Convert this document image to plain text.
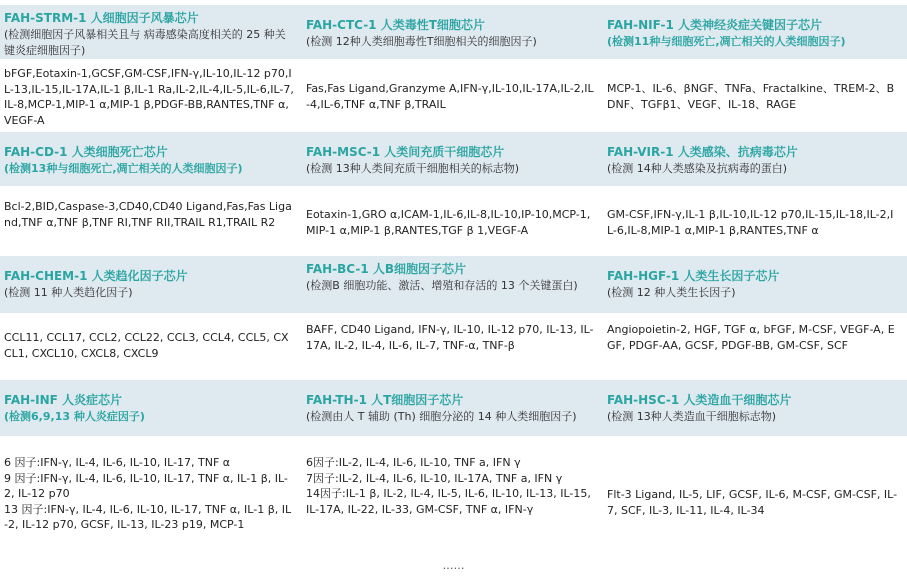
FAH-STRM-1 人细胞因子风暴芯片
(检测细胞因子风暴相关且与 病毒感染高度相关的 25 种关键炎症细胞因子)
FAH-CTC-1 人类毒性T细胞芯片
(检测 12种人类细胞毒性T细胞相关的细胞因子)
FAH-NIF-1 人类神经炎症关键因子芯片
(检测11种与细胞死亡,凋亡相关的人类细胞因子)
bFGF,Eotaxin-1,GCSF,GM-CSF,IFN-γ,IL-10,IL-12 p70,IL-13,IL-15,IL-17A,IL-1 β,IL-1 Ra,IL-2,IL-4,IL-5,IL-6,IL-7,IL-8,MCP-1,MIP-1 α,MIP-1 β,PDGF-BB,RANTES,TNF α,VEGF-A
Fas,Fas Ligand,Granzyme A,IFN-γ,IL-10,IL-17A,IL-2,IL-4,IL-6,TNF α,TNF β,TRAIL
MCP-1、IL-6、βNGF、TNFa、Fractalkine、TREM-2、BDNF、TGFβ1、VEGF、IL-18、RAGE
FAH-CD-1 人类细胞死亡芯片
(检测13种与细胞死亡,凋亡相关的人类细胞因子)
FAH-MSC-1 人类间充质干细胞芯片
(检测 13种人类间充质干细胞相关的标志物)
FAH-VIR-1 人类感染、抗病毒芯片
(检测 14种人类感染及抗病毒的蛋白)
Bcl-2,BID,Caspase-3,CD40,CD40 Ligand,Fas,Fas Ligand,TNF α,TNF β,TNF RI,TNF RII,TRAIL R1,TRAIL R2
Eotaxin-1,GRO α,ICAM-1,IL-6,IL-8,IL-10,IP-10,MCP-1,MIP-1 α,MIP-1 β,RANTES,TGF β 1,VEGF-A
GM-CSF,IFN-γ,IL-1 β,IL-10,IL-12 p70,IL-15,IL-18,IL-2,IL-6,IL-8,MIP-1 α,MIP-1 β,RANTES,TNF α
FAH-CHEM-1 人类趋化因子芯片
(检测 11 种人类趋化因子)
FAH-BC-1 人B细胞因子芯片
(检测B 细胞功能、激活、增殖和存活的 13 个关键蛋白)
FAH-HGF-1 人类生长因子芯片
(检测 12 种人类生长因子)
CCL11, CCL17, CCL2, CCL22, CCL3, CCL4, CCL5, CXCL1, CXCL10, CXCL8, CXCL9
BAFF, CD40 Ligand, IFN-γ, IL-10, IL-12 p70, IL-13, IL-17A, IL-2, IL-4, IL-6, IL-7, TNF-α, TNF-β
Angiopoietin-2, HGF, TGF α, bFGF, M-CSF, VEGF-A, EGF, PDGF-AA, GCSF, PDGF-BB, GM-CSF, SCF
FAH-INF 人炎症芯片
(检测6,9,13 种人炎症因子)
FAH-TH-1 人T细胞因子芯片
(检测由人 T 辅助 (Th) 细胞分泌的 14 种人类细胞因子)
FAH-HSC-1 人类造血干细胞芯片
(检测 13种人类造血干细胞标志物)
6 因子:IFN-γ, IL-4, IL-6, IL-10, IL-17, TNF α
9 因子:IFN-γ, IL-4, IL-6, IL-10, IL-17, TNF α, IL-1 β, IL-2, IL-12 p70
13 因子:IFN-γ, IL-4, IL-6, IL-10, IL-17, TNF α, IL-1 β, IL-2, IL-12 p70, GCSF, IL-13, IL-23 p19, MCP-1
6因子:IL-2, IL-4, IL-6, IL-10, TNF a, IFN γ
7因子:IL-2, IL-4, IL-6, IL-10, IL-17A, TNF a, IFN γ
14因子:IL-1 β, IL-2, IL-4, IL-5, IL-6, IL-10, IL-13, IL-15, IL-17A, IL-22, IL-33, GM-CSF, TNF α, IFN-γ
Flt-3 Ligand, IL-5, LIF, GCSF, IL-6, M-CSF, GM-CSF, IL-7, SCF, IL-3, IL-11, IL-4, IL-34
……
